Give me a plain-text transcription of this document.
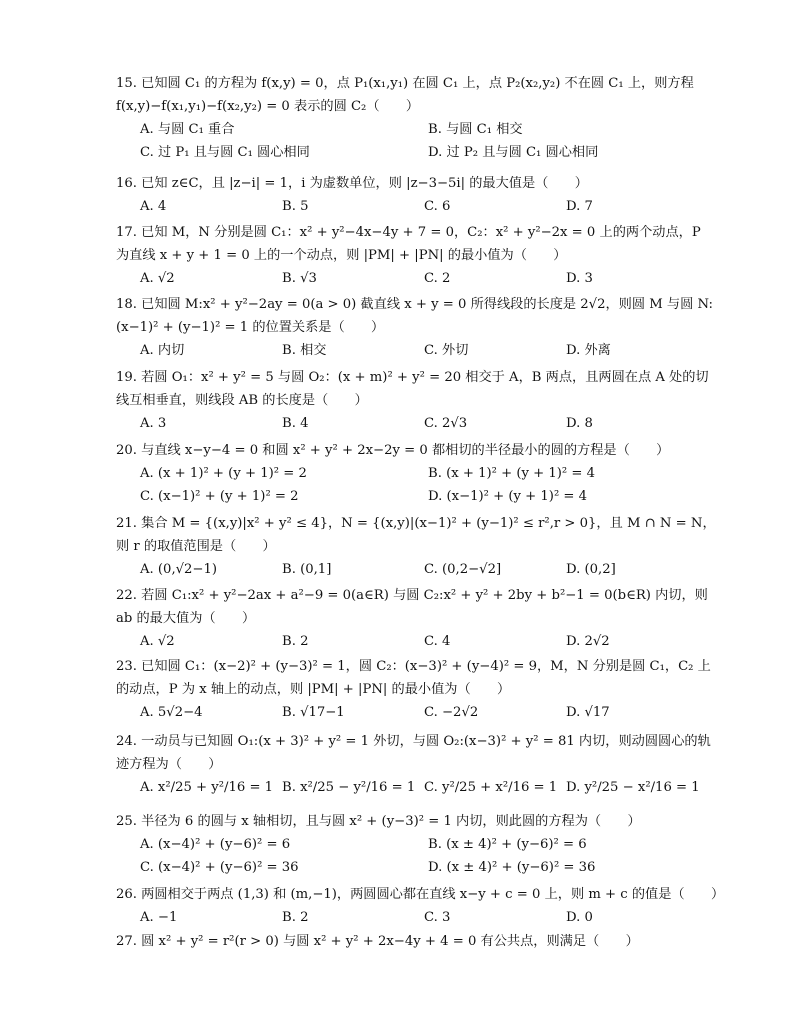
15. 已知圆 C₁ 的方程为 f(x,y) = 0，点 P₁(x₁,y₁) 在圆 C₁ 上，点 P₂(x₂,y₂) 不在圆 C₁ 上，则方程 f(x,y)−f(x₁,y₁)−f(x₂,y₂) = 0 表示的圆 C₂（　　）

A. 与圆 C₁ 重合	B. 与圆 C₁ 相交
C. 过 P₁ 且与圆 C₁ 圆心相同	D. 过 P₂ 且与圆 C₁ 圆心相同

16. 已知 z∈C，且 |z−i| = 1，i 为虚数单位，则 |z−3−5i| 的最大值是（　　）

A. 4	B. 5	C. 6	D. 7

17. 已知 M，N 分别是圆 C₁：x² + y²−4x−4y + 7 = 0，C₂：x² + y²−2x = 0 上的两个动点，P 为直线 x + y + 1 = 0 上的一个动点，则 |PM| + |PN| 的最小值为（　　）

A. √2	B. √3	C. 2	D. 3

18. 已知圆 M:x² + y²−2ay = 0(a > 0) 截直线 x + y = 0 所得线段的长度是 2√2，则圆 M 与圆 N:(x−1)² + (y−1)² = 1 的位置关系是（　　）

A. 内切	B. 相交	C. 外切	D. 外离

19. 若圆 O₁：x² + y² = 5 与圆 O₂：(x + m)² + y² = 20 相交于 A，B 两点，且两圆在点 A 处的切线互相垂直，则线段 AB 的长度是（　　）

A. 3	B. 4	C. 2√3	D. 8

20. 与直线 x−y−4 = 0 和圆 x² + y² + 2x−2y = 0 都相切的半径最小的圆的方程是（　　）

A. (x + 1)² + (y + 1)² = 2	B. (x + 1)² + (y + 1)² = 4
C. (x−1)² + (y + 1)² = 2	D. (x−1)² + (y + 1)² = 4

21. 集合 M = {(x,y)|x² + y² ≤ 4}，N = {(x,y)|(x−1)² + (y−1)² ≤ r²,r > 0}，且 M ∩ N = N，则 r 的取值范围是（　　）

A. (0,√2−1)	B. (0,1]	C. (0,2−√2]	D. (0,2]

22. 若圆 C₁:x² + y²−2ax + a²−9 = 0(a∈R) 与圆 C₂:x² + y² + 2by + b²−1 = 0(b∈R) 内切，则 ab 的最大值为（　　）

A. √2	B. 2	C. 4	D. 2√2

23. 已知圆 C₁：(x−2)² + (y−3)² = 1，圆 C₂：(x−3)² + (y−4)² = 9，M，N 分别是圆 C₁，C₂ 上的动点，P 为 x 轴上的动点，则 |PM| + |PN| 的最小值为（　　）

A. 5√2−4	B. √17−1	C. −2√2	D. √17

24. 一动员与已知圆 O₁:(x + 3)² + y² = 1 外切，与圆 O₂:(x−3)² + y² = 81 内切，则动圆圆心的轨迹方程为（　　）

A. x²/25 + y²/16 = 1 B. x²/25 − y²/16 = 1 C. y²/25 + x²/16 = 1 D. y²/25 − x²/16 = 1

25. 半径为 6 的圆与 x 轴相切，且与圆 x² + (y−3)² = 1 内切，则此圆的方程为（　　）

A. (x−4)² + (y−6)² = 6	B. (x ± 4)² + (y−6)² = 6
C. (x−4)² + (y−6)² = 36	D. (x ± 4)² + (y−6)² = 36

26. 两圆相交于两点 (1,3) 和 (m,−1)，两圆圆心都在直线 x−y + c = 0 上，则 m + c 的值是（　　）

A. −1	B. 2	C. 3	D. 0

27. 圆 x² + y² = r²(r > 0) 与圆 x² + y² + 2x−4y + 4 = 0 有公共点，则满足（　　）
